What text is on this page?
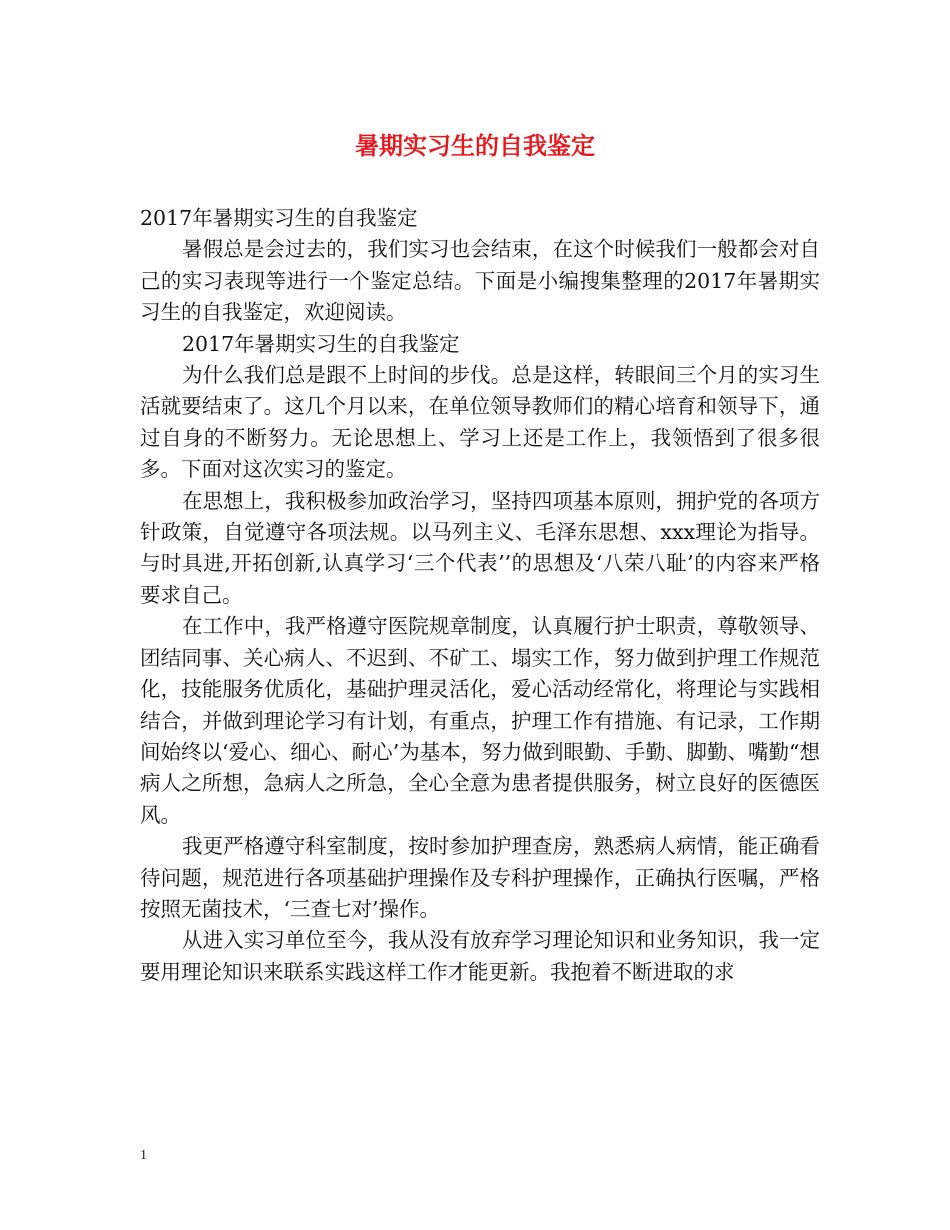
暑期实习生的自我鉴定

2017年暑期实习生的自我鉴定

暑假总是会过去的，我们实习也会结束，在这个时候我们一般都会对自己的实习表现等进行一个鉴定总结。下面是小编搜集整理的2017年暑期实习生的自我鉴定，欢迎阅读。

2017年暑期实习生的自我鉴定

为什么我们总是跟不上时间的步伐。总是这样，转眼间三个月的实习生活就要结束了。这几个月以来，在单位领导教师们的精心培育和领导下，通过自身的不断努力。无论思想上、学习上还是工作上，我领悟到了很多很多。下面对这次实习的鉴定。

在思想上，我积极参加政治学习，坚持四项基本原则，拥护党的各项方针政策，自觉遵守各项法规。以马列主义、毛泽东思想、xxx理论为指导。与时具进,开拓创新,认真学习‘三个代表’’的思想及‘八荣八耻’的内容来严格要求自己。

在工作中，我严格遵守医院规章制度，认真履行护士职责，尊敬领导、团结同事、关心病人、不迟到、不矿工、塌实工作，努力做到护理工作规范化，技能服务优质化，基础护理灵活化，爱心活动经常化，将理论与实践相结合，并做到理论学习有计划，有重点，护理工作有措施、有记录，工作期间始终以‘爱心、细心、耐心’为基本，努力做到眼勤、手勤、脚勤、嘴勤“想病人之所想，急病人之所急，全心全意为患者提供服务，树立良好的医德医风。

我更严格遵守科室制度，按时参加护理查房，熟悉病人病情，能正确看待问题，规范进行各项基础护理操作及专科护理操作，正确执行医嘱，严格按照无菌技术，‘三查七对’操作。

从进入实习单位至今，我从没有放弃学习理论知识和业务知识，我一定要用理论知识来联系实践这样工作才能更新。我抱着不断进取的求

1
